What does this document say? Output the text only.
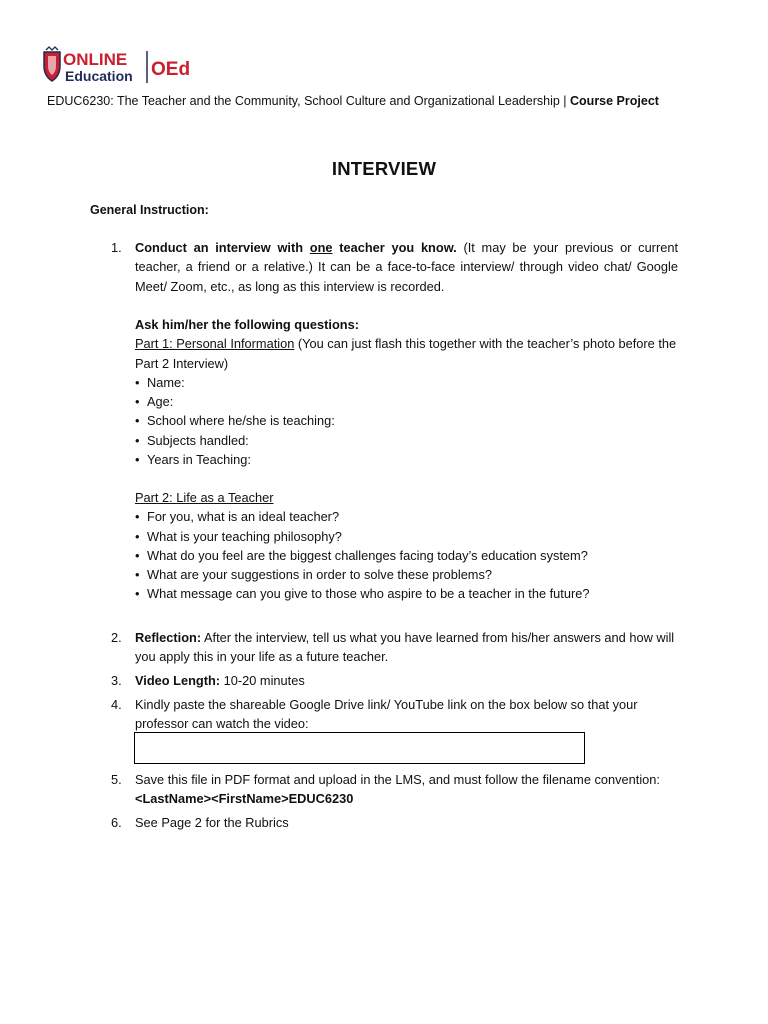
ONLINE
Education OEd
EDUC6230: The Teacher and the Community, School Culture and Organizational Leadership | Course Project
INTERVIEW
General Instruction:
1. Conduct an interview with one teacher you know. (It may be your previous or current teacher, a friend or a relative.) It can be a face-to-face interview/ through video chat/ Google Meet/ Zoom, etc., as long as this interview is recorded.
Ask him/her the following questions:
Part 1: Personal Information (You can just flash this together with the teacher’s photo before the Part 2 Interview)
• Name:
• Age:
• School where he/she is teaching:
• Subjects handled:
• Years in Teaching:
Part 2: Life as a Teacher
• For you, what is an ideal teacher?
• What is your teaching philosophy?
• What do you feel are the biggest challenges facing today’s education system?
• What are your suggestions in order to solve these problems?
• What message can you give to those who aspire to be a teacher in the future?
2. Reflection: After the interview, tell us what you have learned from his/her answers and how will you apply this in your life as a future teacher.
3. Video Length: 10-20 minutes
4. Kindly paste the shareable Google Drive link/ YouTube link on the box below so that your professor can watch the video:
5. Save this file in PDF format and upload in the LMS, and must follow the filename convention: <LastName><FirstName>EDUC6230
6. See Page 2 for the Rubrics
